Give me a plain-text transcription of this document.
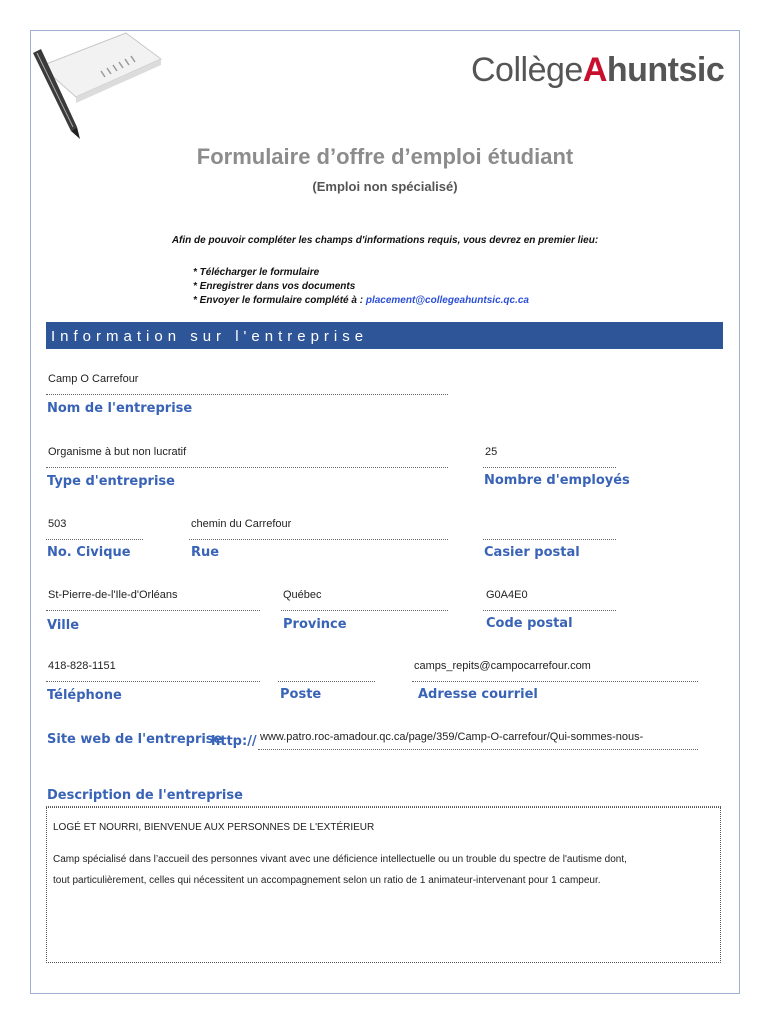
CollègeAhuntsic
Formulaire d’offre d’emploi étudiant
(Emploi non spécialisé)
Afin de pouvoir compléter les champs d'informations requis, vous devrez en premier lieu:
* Télécharger le formulaire
* Enregistrer dans vos documents
* Envoyer le formulaire complété à : placement@collegeahuntsic.qc.ca
Information sur l'entreprise
Camp O Carrefour
Nom de l'entreprise
Organisme à but non lucratif
Type d'entreprise
25
Nombre d'employés
503
No. Civique
chemin du Carrefour
Rue	Casier postal
St-Pierre-de-l'Ile-d'Orléans
Ville
Québec
Province
G0A4E0
Code postal
418-828-1151
Téléphone	Poste
camps_repits@campocarrefour.com
Adresse courriel
Site web de l'entreprise
http:// www.patro.roc-amadour.qc.ca/page/359/Camp-O-carrefour/Qui-sommes-nous-
Description de l'entreprise
LOGÉ ET NOURRI, BIENVENUE AUX PERSONNES DE L'EXTÉRIEUR
Camp spécialisé dans l’accueil des personnes vivant avec une déficience intellectuelle ou un trouble du spectre de l'autisme dont,
tout particulièrement, celles qui nécessitent un accompagnement selon un ratio de 1 animateur-intervenant pour 1 campeur.
